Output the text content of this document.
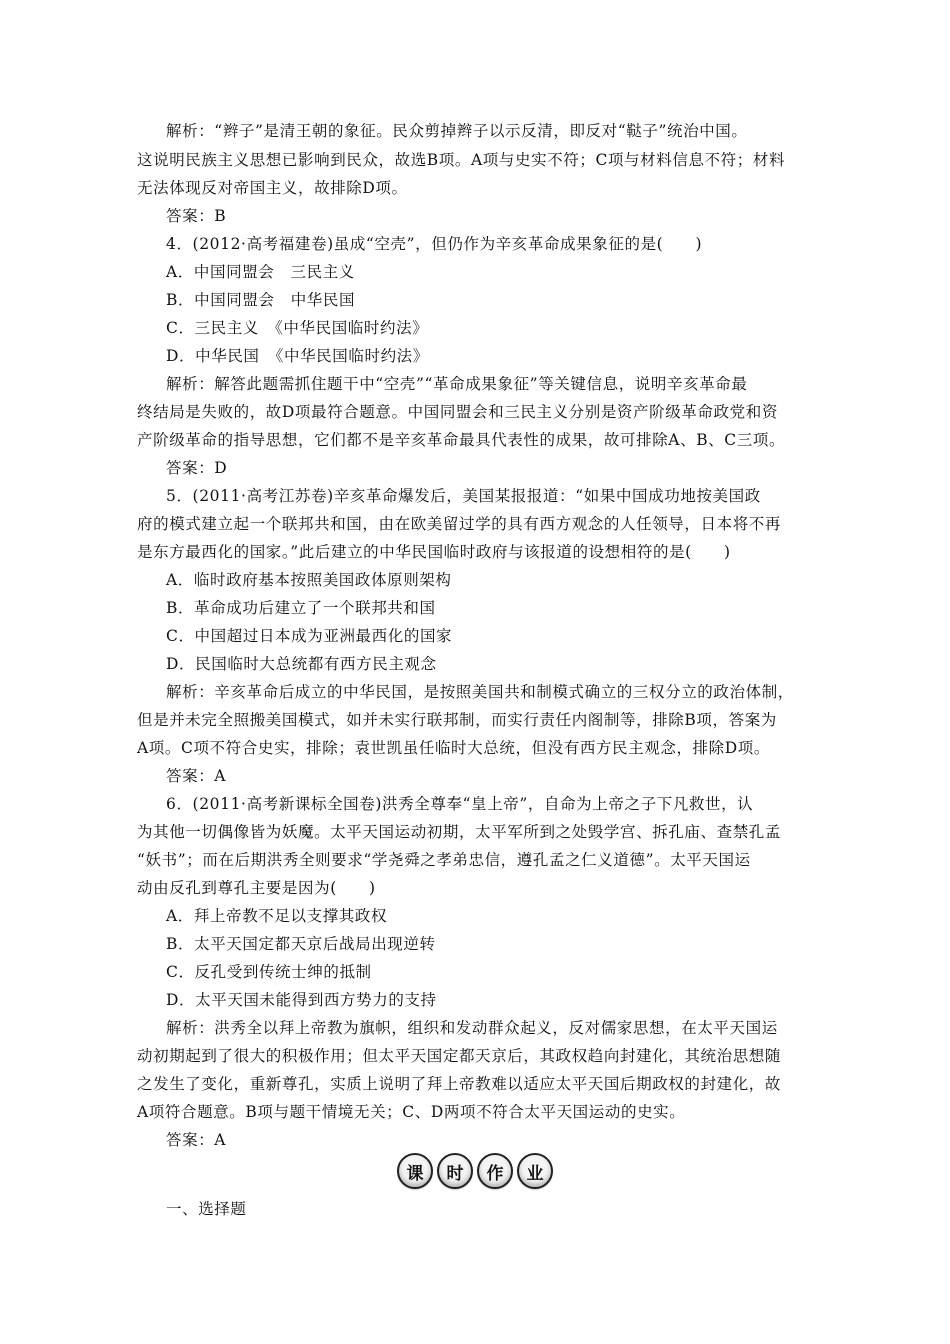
解析：“辫子”是清王朝的象征。民众剪掉辫子以示反清，即反对“鞑子”统治中国。
这说明民族主义思想已影响到民众，故选B项。A项与史实不符；C项与材料信息不符；材料
无法体现反对帝国主义，故排除D项。
答案：B
4．(2012·高考福建卷)虽成“空壳”，但仍作为辛亥革命成果象征的是(　　)
A．中国同盟会　三民主义
B．中国同盟会　中华民国
C．三民主义　《中华民国临时约法》
D．中华民国　《中华民国临时约法》
解析：解答此题需抓住题干中“空壳”“革命成果象征”等关键信息，说明辛亥革命最
终结局是失败的，故D项最符合题意。中国同盟会和三民主义分别是资产阶级革命政党和资
产阶级革命的指导思想，它们都不是辛亥革命最具代表性的成果，故可排除A、B、C三项。
答案：D
5．(2011·高考江苏卷)辛亥革命爆发后，美国某报报道：“如果中国成功地按美国政
府的模式建立起一个联邦共和国，由在欧美留过学的具有西方观念的人任领导，日本将不再
是东方最西化的国家。”此后建立的中华民国临时政府与该报道的设想相符的是(　　)
A．临时政府基本按照美国政体原则架构
B．革命成功后建立了一个联邦共和国
C．中国超过日本成为亚洲最西化的国家
D．民国临时大总统都有西方民主观念
解析：辛亥革命后成立的中华民国，是按照美国共和制模式确立的三权分立的政治体制，
但是并未完全照搬美国模式，如并未实行联邦制，而实行责任内阁制等，排除B项，答案为
A项。C项不符合史实，排除；袁世凯虽任临时大总统，但没有西方民主观念，排除D项。
答案：A
6．(2011·高考新课标全国卷)洪秀全尊奉“皇上帝”，自命为上帝之子下凡救世，认
为其他一切偶像皆为妖魔。太平天国运动初期，太平军所到之处毁学宫、拆孔庙、查禁孔孟
“妖书”；而在后期洪秀全则要求“学尧舜之孝弟忠信，遵孔孟之仁义道德”。太平天国运
动由反孔到尊孔主要是因为(　　)
A．拜上帝教不足以支撑其政权
B．太平天国定都天京后战局出现逆转
C．反孔受到传统士绅的抵制
D．太平天国未能得到西方势力的支持
解析：洪秀全以拜上帝教为旗帜，组织和发动群众起义，反对儒家思想，在太平天国运
动初期起到了很大的积极作用；但太平天国定都天京后，其政权趋向封建化，其统治思想随
之发生了变化，重新尊孔，实质上说明了拜上帝教难以适应太平天国后期政权的封建化，故
A项符合题意。B项与题干情境无关；C、D两项不符合太平天国运动的史实。
答案：A
课	时	作	业
一、选择题
